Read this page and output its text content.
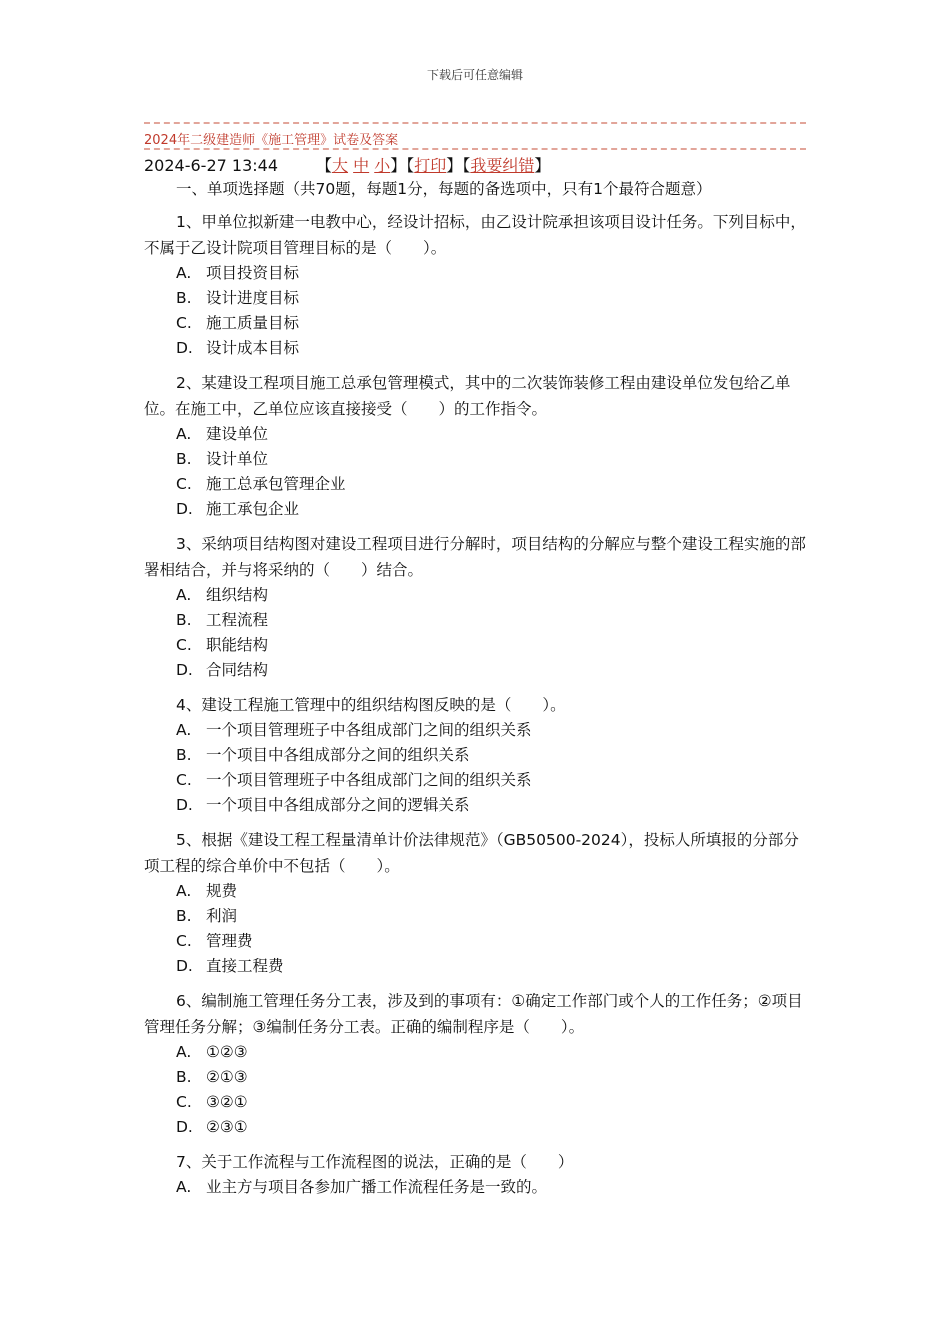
下载后可任意编辑
2024年二级建造师《施工管理》试卷及答案
2024-6-27 13:44 【大 中 小】【打印】【我要纠错】
一、单项选择题（共70题，每题1分，每题的备选项中，只有1个最符合题意）
1、甲单位拟新建一电教中心，经设计招标，由乙设计院承担该项目设计任务。下列目标中，不属于乙设计院项目管理目标的是（　　）。
A. 项目投资目标
B. 设计进度目标
C. 施工质量目标
D. 设计成本目标
2、某建设工程项目施工总承包管理模式，其中的二次装饰装修工程由建设单位发包给乙单位。在施工中，乙单位应该直接接受（　　）的工作指令。
A. 建设单位
B. 设计单位
C. 施工总承包管理企业
D. 施工承包企业
3、采纳项目结构图对建设工程项目进行分解时，项目结构的分解应与整个建设工程实施的部署相结合，并与将采纳的（　　）结合。
A. 组织结构
B. 工程流程
C. 职能结构
D. 合同结构
4、建设工程施工管理中的组织结构图反映的是（　　）。
A. 一个项目管理班子中各组成部门之间的组织关系
B. 一个项目中各组成部分之间的组织关系
C. 一个项目管理班子中各组成部门之间的组织关系
D. 一个项目中各组成部分之间的逻辑关系
5、根据《建设工程工程量清单计价法律规范》（GB50500-2024），投标人所填报的分部分项工程的综合单价中不包括（　　）。
A. 规费
B. 利润
C. 管理费
D. 直接工程费
6、编制施工管理任务分工表，涉及到的事项有：①确定工作部门或个人的工作任务；②项目管理任务分解；③编制任务分工表。正确的编制程序是（　　）。
A. ①②③
B. ②①③
C. ③②①
D. ②③①
7、关于工作流程与工作流程图的说法，正确的是（　　）
A. 业主方与项目各参加广播工作流程任务是一致的。
